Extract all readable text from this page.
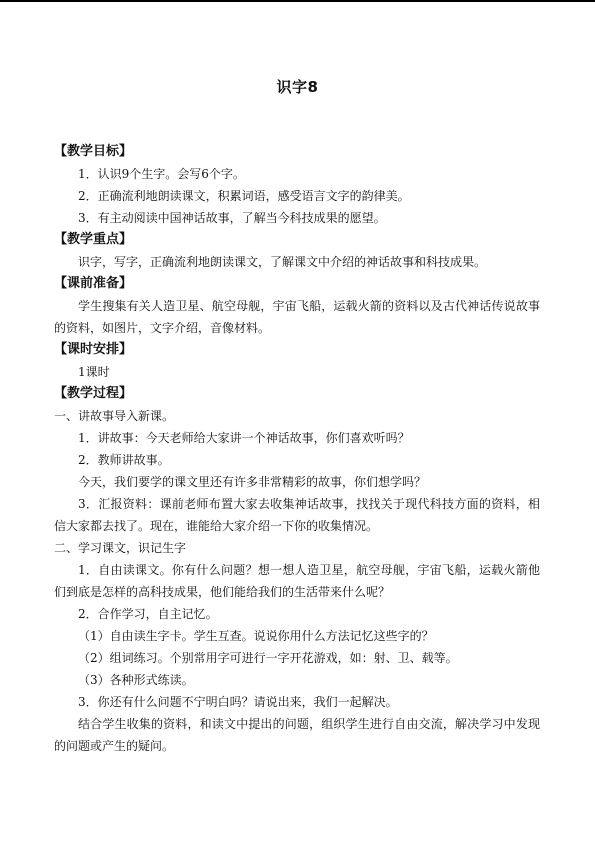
识字8
【教学目标】
1．认识9个生字。会写6个字。
2．正确流利地朗读课文，积累词语，感受语言文字的韵律美。
3．有主动阅读中国神话故事，了解当今科技成果的愿望。
【教学重点】
识字，写字，正确流利地朗读课文，了解课文中介绍的神话故事和科技成果。
【课前准备】
学生搜集有关人造卫星、航空母舰，宇宙飞船，运载火箭的资料以及古代神话传说故事的资料，如图片，文字介绍，音像材料。
【课时安排】
1课时
【教学过程】
一、讲故事导入新课。
1．讲故事：今天老师给大家讲一个神话故事，你们喜欢听吗？
2．教师讲故事。
今天，我们要学的课文里还有许多非常精彩的故事，你们想学吗？
3．汇报资料：课前老师布置大家去收集神话故事，找找关于现代科技方面的资料，相信大家都去找了。现在，谁能给大家介绍一下你的收集情况。
二、学习课文，识记生字
1．自由读课文。你有什么问题？想一想人造卫星，航空母舰，宇宙飞船，运载火箭他们到底是怎样的高科技成果，他们能给我们的生活带来什么呢？
2．合作学习，自主记忆。
（1）自由读生字卡。学生互查。说说你用什么方法记忆这些字的？
（2）组词练习。个别常用字可进行一字开花游戏，如：射、卫、载等。
（3）各种形式练读。
3．你还有什么问题不宁明白吗？请说出来，我们一起解决。
结合学生收集的资料，和读文中提出的问题，组织学生进行自由交流，解决学习中发现的问题或产生的疑问。
